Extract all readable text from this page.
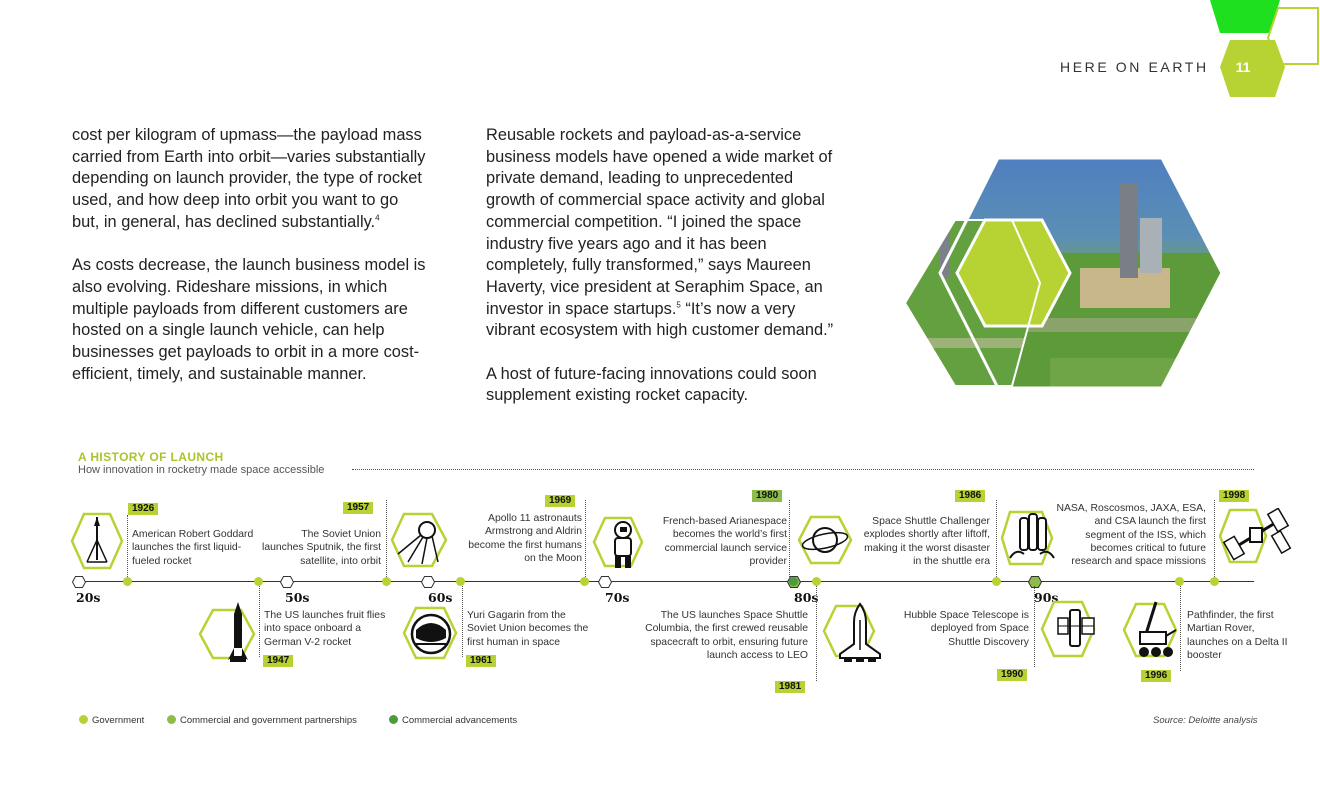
HERE ON EARTH	11

cost per kilogram of upmass—the payload mass carried from Earth into orbit—varies substantially depending on launch provider, the type of rocket used, and how deep into orbit you want to go but, in general, has declined substantially.$^4$

As costs decrease, the launch business model is also evolving. Rideshare missions, in which multiple payloads from different customers are hosted on a single launch vehicle, can help businesses get payloads to orbit in a more cost-efficient, timely, and sustainable manner.

Reusable rockets and payload-as-a-service business models have opened a wide market of private demand, leading to unprecedented growth of commercial space activity and global commercial competition. “I joined the space industry five years ago and it has been completely, fully transformed,” says Maureen Haverty, vice president at Seraphim Space, an investor in space startups.$^5$ “It’s now a very vibrant ecosystem with high customer demand.”

A host of future-facing innovations could soon supplement existing rocket capacity.

A HISTORY OF LAUNCH
How innovation in rocketry made space accessible
20s	50s	60s	70s	80s	90s
1926
American Robert Goddard launches the first liquid-fueled rocket
1947
The US launches fruit flies into space onboard a German V-2 rocket
1957
The Soviet Union launches Sputnik, the first satellite, into orbit
1961
Yuri Gagarin from the Soviet Union becomes the first human in space
1969
Apollo 11 astronauts Armstrong and Aldrin become the first humans on the Moon
1980
French-based Arianespace becomes the world’s first commercial launch service provider
1981
The US launches Space Shuttle Columbia, the first crewed reusable spacecraft to orbit, ensuring future launch access to LEO
1986
Space Shuttle Challenger explodes shortly after liftoff, making it the worst disaster in the shuttle era
1990
Hubble Space Telescope is deployed from Space Shuttle Discovery
1996
Pathfinder, the first Martian Rover, launches on a Delta II booster
1998
NASA, Roscosmos, JAXA, ESA, and CSA launch the first segment of the ISS, which becomes critical to future research and space missions
Government	Commercial and government partnerships	Commercial advancements	Source: Deloitte analysis
